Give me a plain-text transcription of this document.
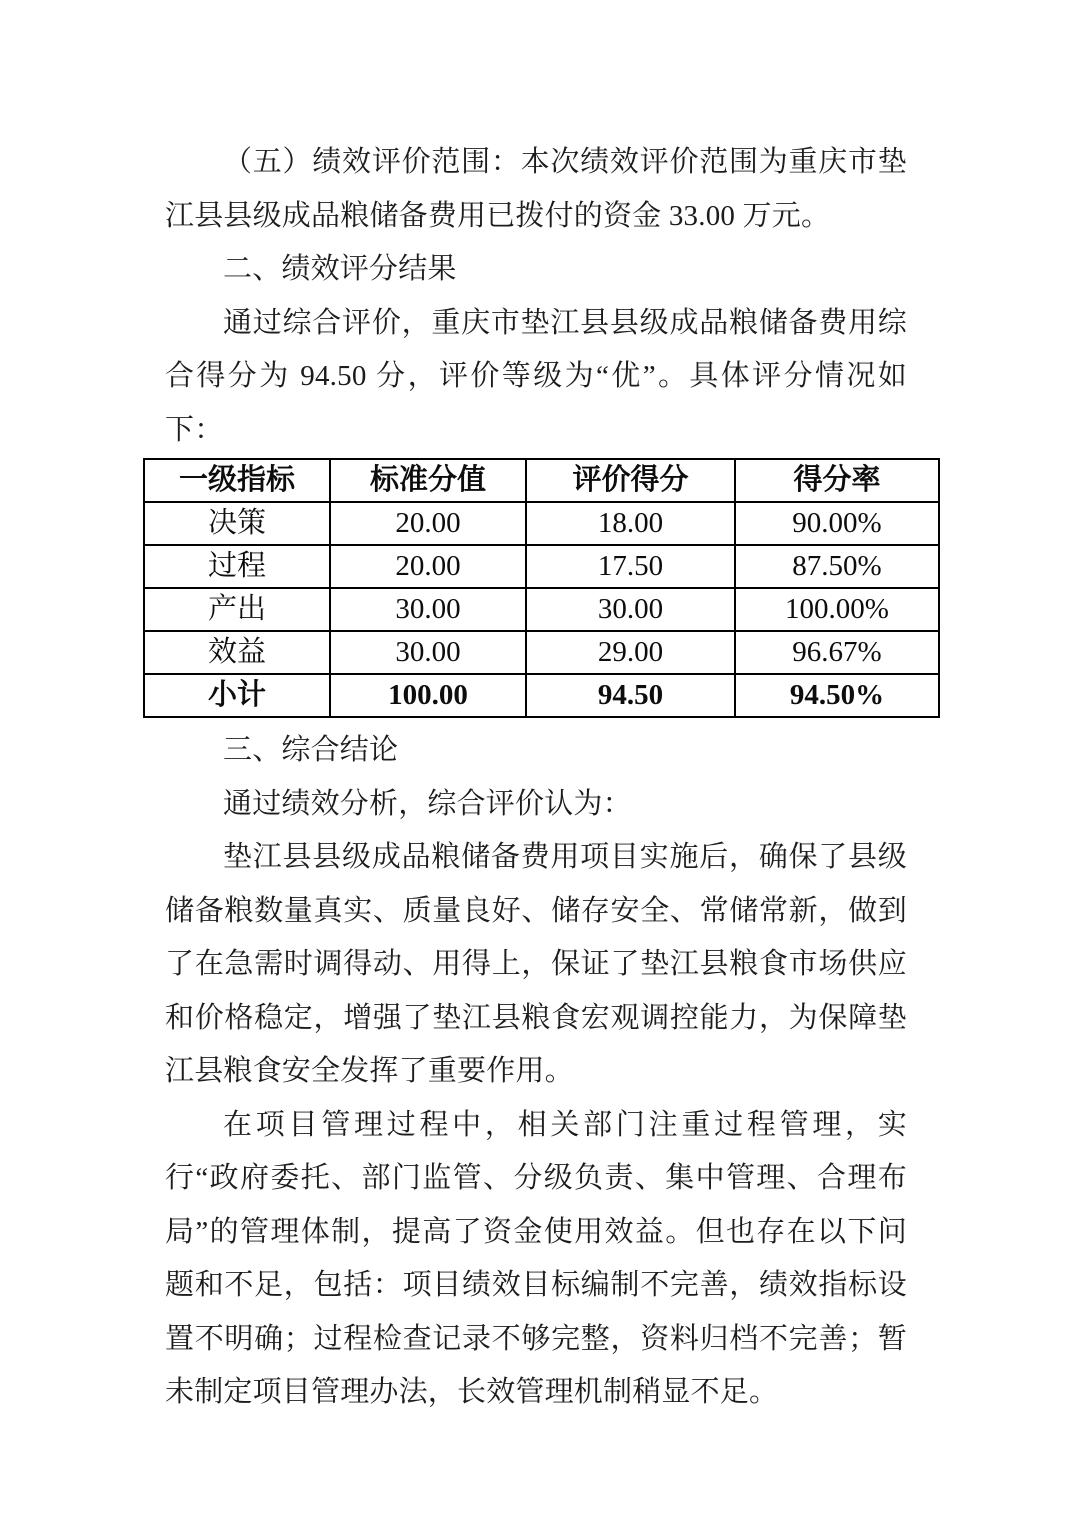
（五）绩效评价范围：本次绩效评价范围为重庆市垫江县县级成品粮储备费用已拨付的资金 33.00 万元。

二、绩效评分结果

通过综合评价，重庆市垫江县县级成品粮储备费用综合得分为 94.50 分，评价等级为“优”。具体评分情况如下：

一级指标	标准分值	评价得分	得分率
决策	20.00	18.00	90.00%
过程	20.00	17.50	87.50%
产出	30.00	30.00	100.00%
效益	30.00	29.00	96.67%
小计	100.00	94.50	94.50%

三、综合结论

通过绩效分析，综合评价认为：

垫江县县级成品粮储备费用项目实施后，确保了县级储备粮数量真实、质量良好、储存安全、常储常新，做到了在急需时调得动、用得上，保证了垫江县粮食市场供应和价格稳定，增强了垫江县粮食宏观调控能力，为保障垫江县粮食安全发挥了重要作用。

在项目管理过程中，相关部门注重过程管理，实行“政府委托、部门监管、分级负责、集中管理、合理布局”的管理体制，提高了资金使用效益。但也存在以下问题和不足，包括：项目绩效目标编制不完善，绩效指标设置不明确；过程检查记录不够完整，资料归档不完善；暂未制定项目管理办法，长效管理机制稍显不足。
